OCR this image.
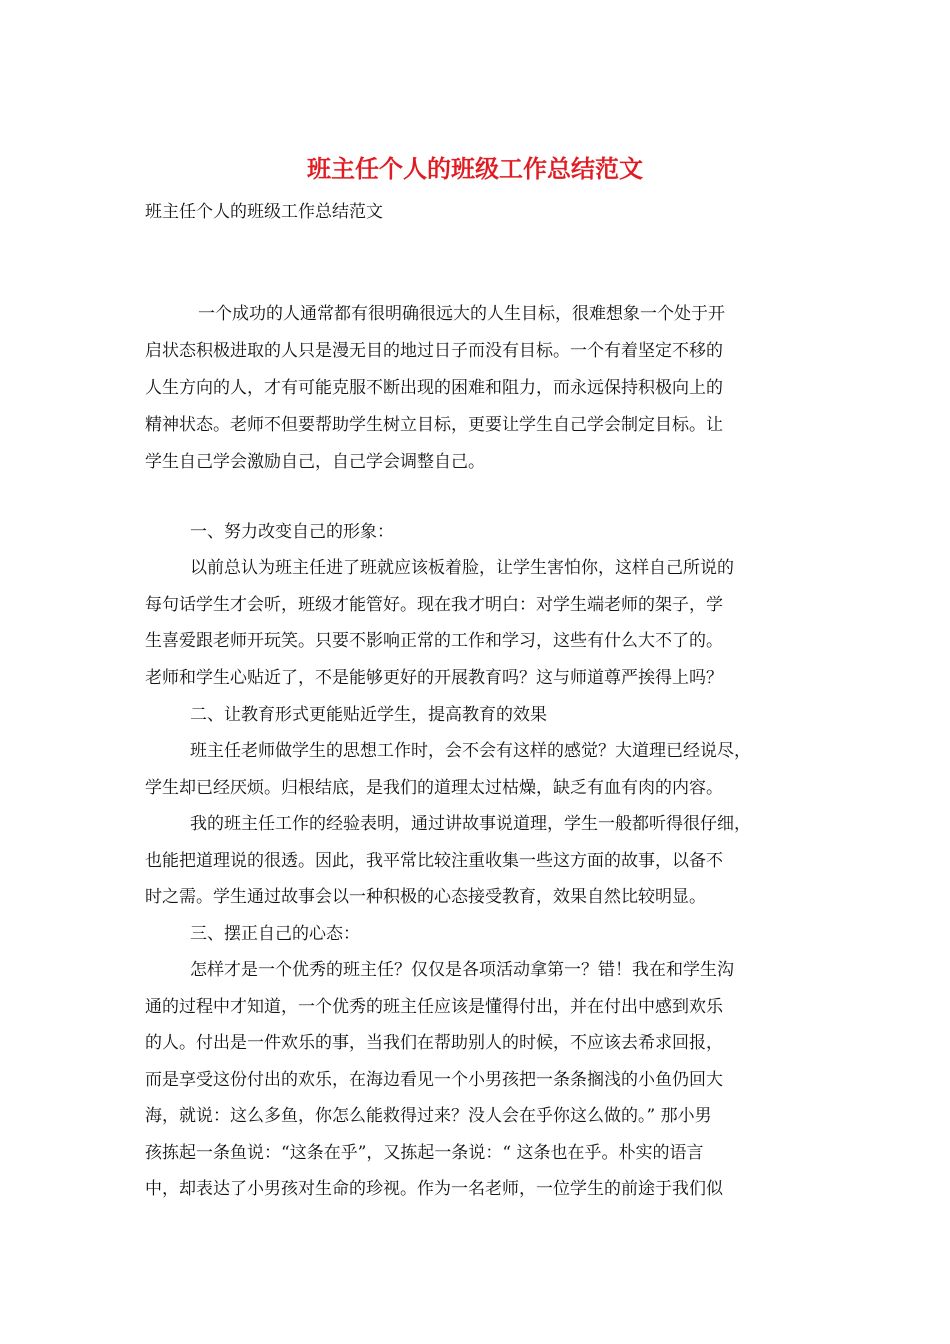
班主任个人的班级工作总结范文
班主任个人的班级工作总结范文
一个成功的人通常都有很明确很远大的人生目标，很难想象一个处于开
启状态积极进取的人只是漫无目的地过日子而没有目标。一个有着坚定不移的
人生方向的人，才有可能克服不断出现的困难和阻力，而永远保持积极向上的
精神状态。老师不但要帮助学生树立目标，更要让学生自己学会制定目标。让
学生自己学会激励自己，自己学会调整自己。
一、努力改变自己的形象：
以前总认为班主任进了班就应该板着脸，让学生害怕你，这样自己所说的
每句话学生才会听，班级才能管好。现在我才明白：对学生端老师的架子，学
生喜爱跟老师开玩笑。只要不影响正常的工作和学习，这些有什么大不了的。
老师和学生心贴近了，不是能够更好的开展教育吗？这与师道尊严挨得上吗？
二、让教育形式更能贴近学生，提高教育的效果
班主任老师做学生的思想工作时，会不会有这样的感觉？大道理已经说尽，
学生却已经厌烦。归根结底，是我们的道理太过枯燥，缺乏有血有肉的内容。
我的班主任工作的经验表明，通过讲故事说道理，学生一般都听得很仔细，
也能把道理说的很透。因此，我平常比较注重收集一些这方面的故事，以备不
时之需。学生通过故事会以一种积极的心态接受教育，效果自然比较明显。
三、摆正自己的心态：
怎样才是一个优秀的班主任？仅仅是各项活动拿第一？错！我在和学生沟
通的过程中才知道，一个优秀的班主任应该是懂得付出，并在付出中感到欢乐
的人。付出是一件欢乐的事，当我们在帮助别人的时候，不应该去希求回报，
而是享受这份付出的欢乐，在海边看见一个小男孩把一条条搁浅的小鱼仍回大
海，就说：这么多鱼，你怎么能救得过来？没人会在乎你这么做的。” 那小男
孩拣起一条鱼说：“这条在乎”，又拣起一条说：“ 这条也在乎。朴实的语言
中，却表达了小男孩对生命的珍视。作为一名老师，一位学生的前途于我们似
